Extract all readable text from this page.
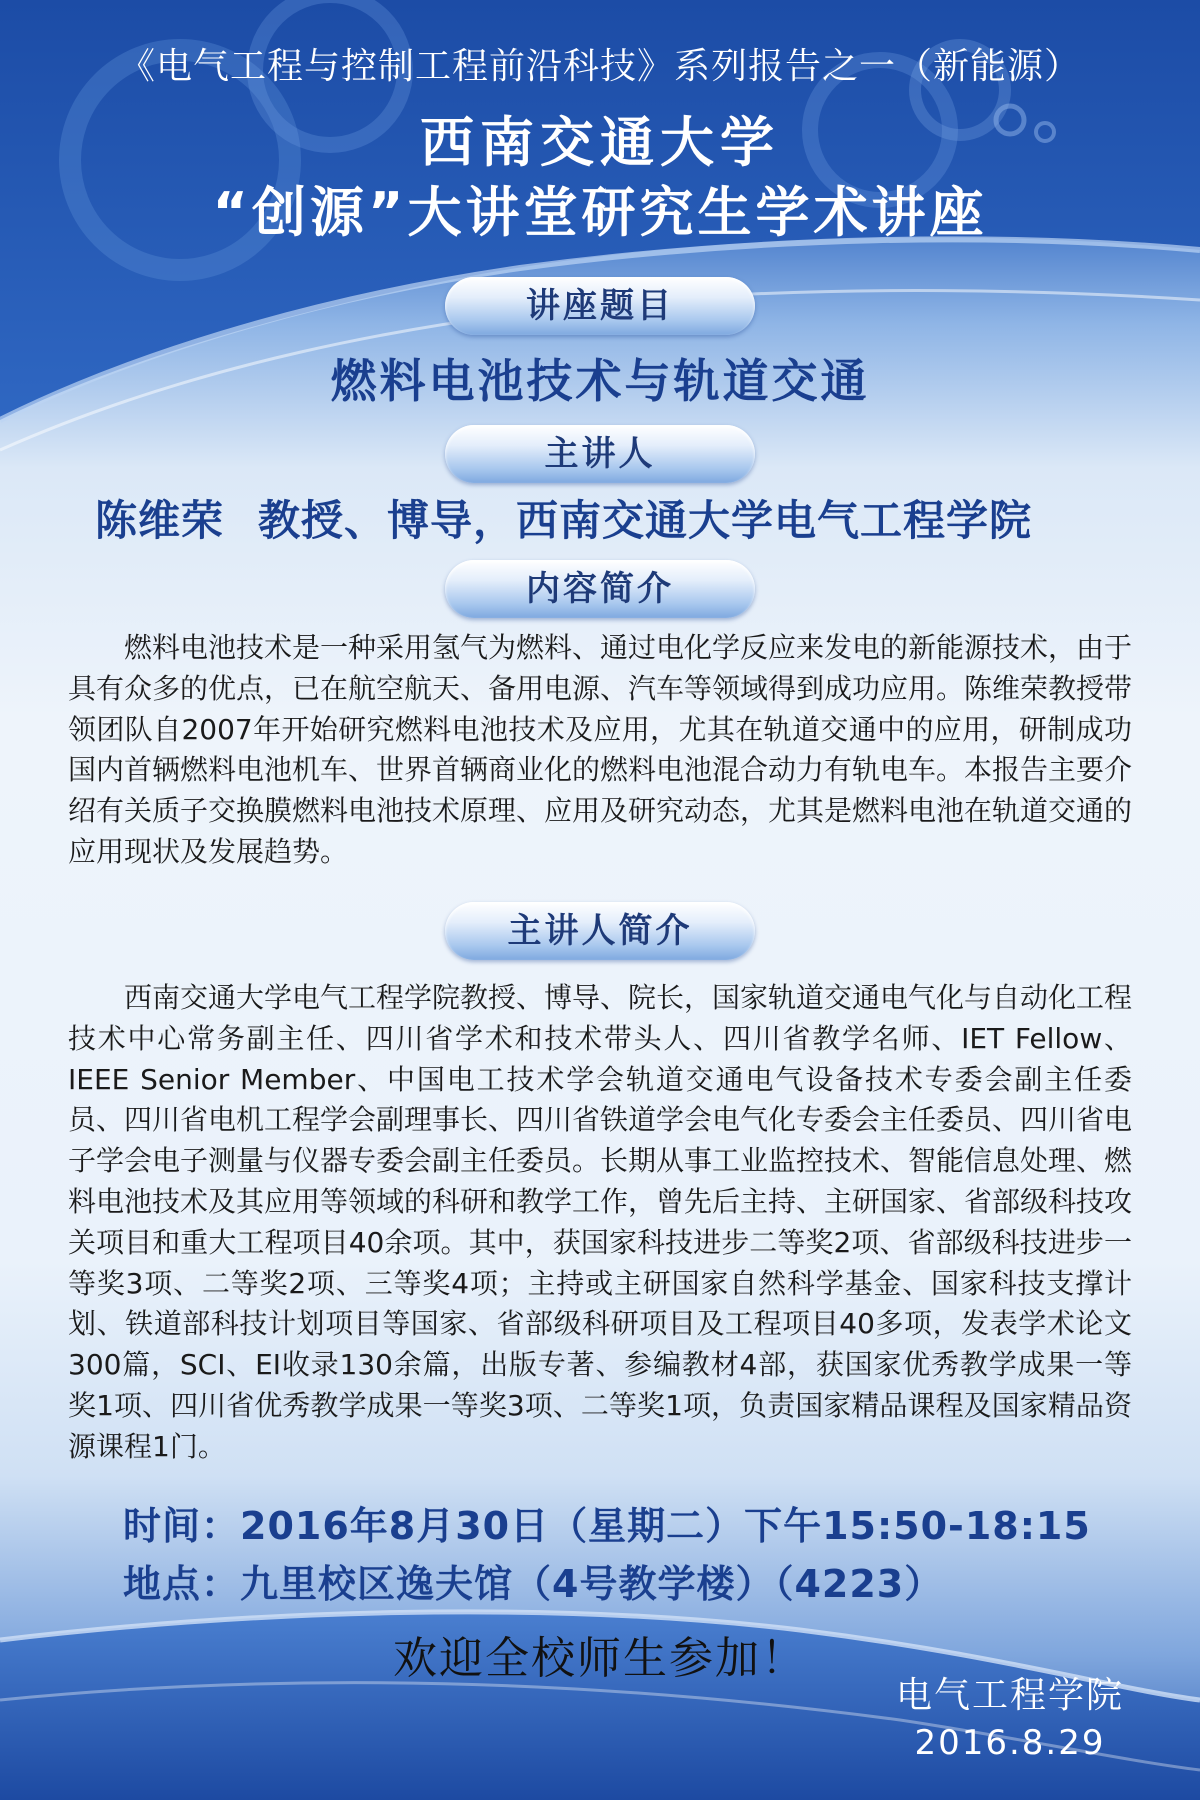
《电气工程与控制工程前沿科技》系列报告之一（新能源）

西南交通大学

“创源”大讲堂研究生学术讲座

讲座题目

燃料电池技术与轨道交通

主讲人
陈维荣 教授、博导，西南交通大学电气工程学院
内容简介

燃料电池技术是一种采用氢气为燃料、通过电化学反应来发电的新能源技术，由于具有众多的优点，已在航空航天、备用电源、汽车等领域得到成功应用。陈维荣教授带领团队自2007年开始研究燃料电池技术及应用，尤其在轨道交通中的应用，研制成功国内首辆燃料电池机车、世界首辆商业化的燃料电池混合动力有轨电车。本报告主要介绍有关质子交换膜燃料电池技术原理、应用及研究动态，尤其是燃料电池在轨道交通的应用现状及发展趋势。

主讲人简介

西南交通大学电气工程学院教授、博导、院长，国家轨道交通电气化与自动化工程技术中心常务副主任、四川省学术和技术带头人、四川省教学名师、IET Fellow、IEEE Senior Member、中国电工技术学会轨道交通电气设备技术专委会副主任委员、四川省电机工程学会副理事长、四川省铁道学会电气化专委会主任委员、四川省电子学会电子测量与仪器专委会副主任委员。长期从事工业监控技术、智能信息处理、燃料电池技术及其应用等领域的科研和教学工作，曾先后主持、主研国家、省部级科技攻关项目和重大工程项目40余项。其中，获国家科技进步二等奖2项、省部级科技进步一等奖3项、二等奖2项、三等奖4项；主持或主研国家自然科学基金、国家科技支撑计划、铁道部科技计划项目等国家、省部级科研项目及工程项目40多项，发表学术论文300篇，SCI、EI收录130余篇，出版专著、参编教材4部，获国家优秀教学成果一等奖1项、四川省优秀教学成果一等奖3项、二等奖1项，负责国家精品课程及国家精品资源课程1门。

时间：2016年8月30日（星期二）下午15:50-18:15
地点：九里校区逸夫馆（4号教学楼）（4223）

欢迎全校师生参加！

电气工程学院

2016.8.29
